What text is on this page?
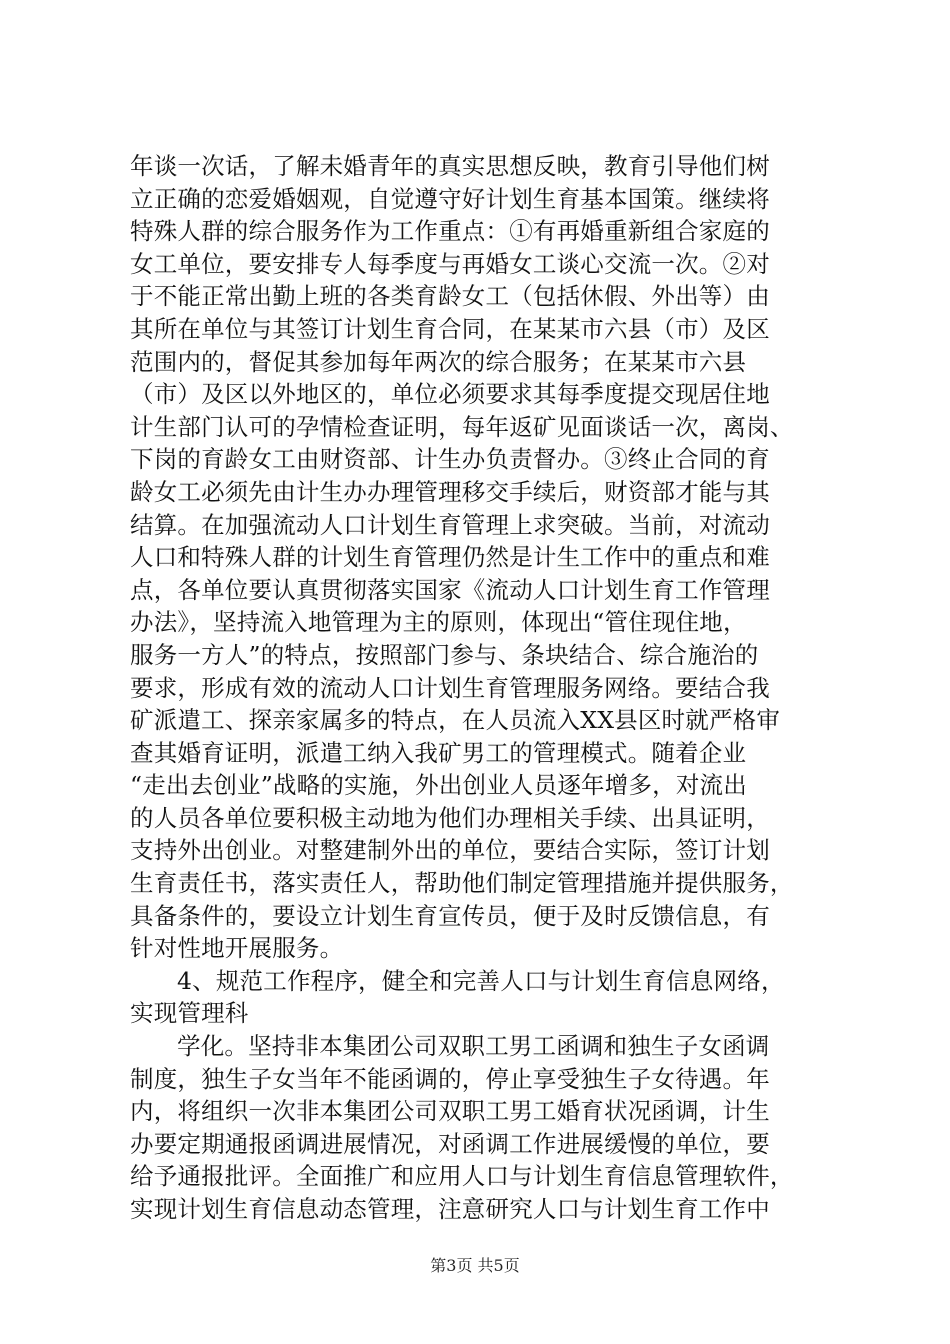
年谈一次话，了解未婚青年的真实思想反映，教育引导他们树
立正确的恋爱婚姻观，自觉遵守好计划生育基本国策。继续将
特殊人群的综合服务作为工作重点：①有再婚重新组合家庭的
女工单位，要安排专人每季度与再婚女工谈心交流一次。②对
于不能正常出勤上班的各类育龄女工（包括休假、外出等）由
其所在单位与其签订计划生育合同，在某某市六县（市）及区
范围内的，督促其参加每年两次的综合服务；在某某市六县
（市）及区以外地区的，单位必须要求其每季度提交现居住地
计生部门认可的孕情检查证明，每年返矿见面谈话一次，离岗、
下岗的育龄女工由财资部、计生办负责督办。③终止合同的育
龄女工必须先由计生办办理管理移交手续后，财资部才能与其
结算。在加强流动人口计划生育管理上求突破。当前，对流动
人口和特殊人群的计划生育管理仍然是计生工作中的重点和难
点，各单位要认真贯彻落实国家《流动人口计划生育工作管理
办法》，坚持流入地管理为主的原则，体现出“管住现住地，
服务一方人”的特点，按照部门参与、条块结合、综合施治的
要求，形成有效的流动人口计划生育管理服务网络。要结合我
矿派遣工、探亲家属多的特点，在人员流入XX县区时就严格审
查其婚育证明，派遣工纳入我矿男工的管理模式。随着企业
“走出去创业”战略的实施，外出创业人员逐年增多，对流出
的人员各单位要积极主动地为他们办理相关手续、出具证明，
支持外出创业。对整建制外出的单位，要结合实际，签订计划
生育责任书，落实责任人，帮助他们制定管理措施并提供服务，
具备条件的，要设立计划生育宣传员，便于及时反馈信息，有
针对性地开展服务。
4、规范工作程序，健全和完善人口与计划生育信息网络，
实现管理科
学化。坚持非本集团公司双职工男工函调和独生子女函调
制度，独生子女当年不能函调的，停止享受独生子女待遇。年
内，将组织一次非本集团公司双职工男工婚育状况函调，计生
办要定期通报函调进展情况，对函调工作进展缓慢的单位，要
给予通报批评。全面推广和应用人口与计划生育信息管理软件，
实现计划生育信息动态管理，注意研究人口与计划生育工作中
第3页 共5页
